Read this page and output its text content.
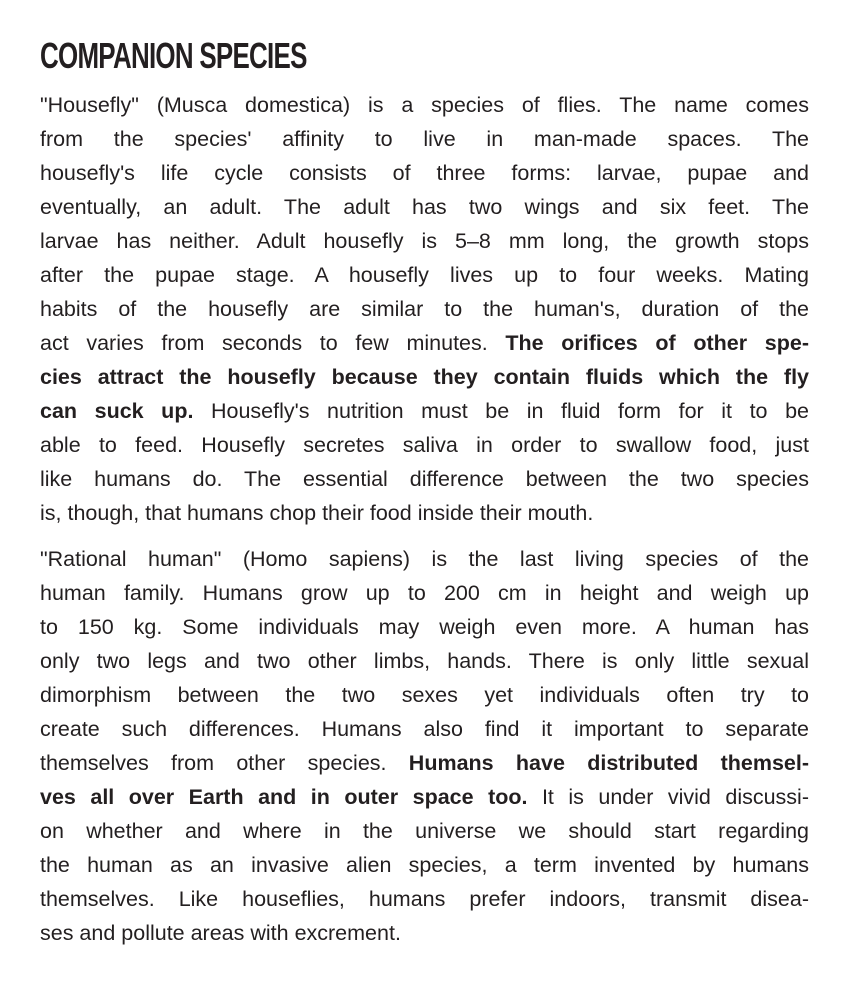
COMPANION SPECIES

"Housefly" (Musca domestica) is a species of flies. The name comes
from the species' affinity to live in man-made spaces. The
housefly's life cycle consists of three forms: larvae, pupae and
eventually, an adult. The adult has two wings and six feet. The
larvae has neither. Adult housefly is 5–8 mm long, the growth stops
after the pupae stage. A housefly lives up to four weeks. Mating
habits of the housefly are similar to the human's, duration of the
act varies from seconds to few minutes. The orifices of other spe-
cies attract the housefly because they contain fluids which the fly
can suck up. Housefly's nutrition must be in fluid form for it to be
able to feed. Housefly secretes saliva in order to swallow food, just
like humans do. The essential difference between the two species
is, though, that humans chop their food inside their mouth.

"Rational human" (Homo sapiens) is the last living species of the
human family. Humans grow up to 200 cm in height and weigh up
to 150 kg. Some individuals may weigh even more. A human has
only two legs and two other limbs, hands. There is only little sexual
dimorphism between the two sexes yet individuals often try to
create such differences. Humans also find it important to separate
themselves from other species. Humans have distributed themsel-
ves all over Earth and in outer space too. It is under vivid discussi-
on whether and where in the universe we should start regarding
the human as an invasive alien species, a term invented by humans
themselves. Like houseflies, humans prefer indoors, transmit disea-
ses and pollute areas with excrement.
